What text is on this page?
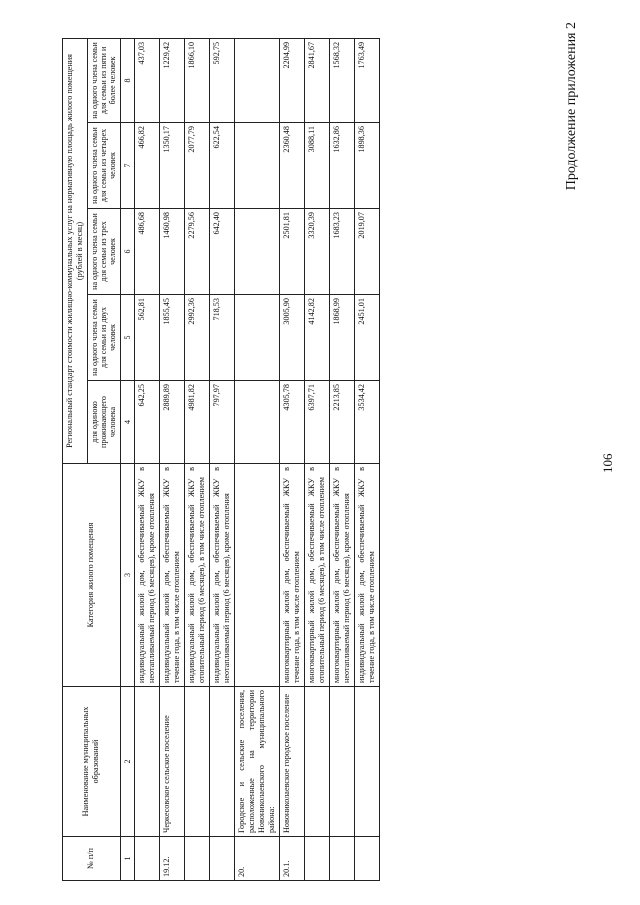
106
Продолжение приложения 2
№ п/п	Наименование муниципальных образований	Категория жилого помещения	Региональный стандарт стоимости жилищно-коммунальных услуг на нормативную площадь жилого помещения (рублей в месяц)				
			для одиноко проживающего человека	на одного члена семьи для семьи из двух человек	на одного члена семьи для семьи из трех человек	на одного члена семьи для семьи из четырех человек	на одного члена семьи для семьи из пяти и более человек
1	2	3	4	5	6	7	8
		индивидуальный жилой дом, обеспечиваемый ЖКУ в неотапливаемый период (6 месяцев), кроме отопления	642,25	562,81	486,68	466,82	437,03
19.12.	Черкесовское сельское поселение	индивидуальный жилой дом, обеспечиваемый ЖКУ в течение года, в том числе отоплением	2889,89	1855,45	1460,98	1350,17	1229,42
		индивидуальный жилой дом, обеспечиваемый ЖКУ в отопительный период (6 месяцев), в том числе отоплением	4981,82	2992,36	2279,56	2077,79	1866,10
		индивидуальный жилой дом, обеспечиваемый ЖКУ в неотапливаемый период (6 месяцев), кроме отопления	797,97	718,53	642,40	622,54	592,75
20.	Городское и сельские поселения, расположенные на территории Новониколаевского муниципального района:						
20.1.	Новониколаевское городское поселение	многоквартирный жилой дом, обеспечиваемый ЖКУ в течение года, в том числе отоплением	4305,78	3005,90	2501,81	2360,48	2204,99
		многоквартирный жилой дом, обеспечиваемый ЖКУ в отопительный период (6 месяцев), в том числе отоплением	6397,71	4142,82	3320,39	3088,11	2841,67
		многоквартирный жилой дом, обеспечиваемый ЖКУ в неотапливаемый период (6 месяцев), кроме отопления	2213,85	1868,99	1683,23	1632,86	1568,32
		индивидуальный жилой дом, обеспечиваемый ЖКУ в течение года, в том числе отоплением	3534,42	2451,01	2019,07	1898,36	1763,49
